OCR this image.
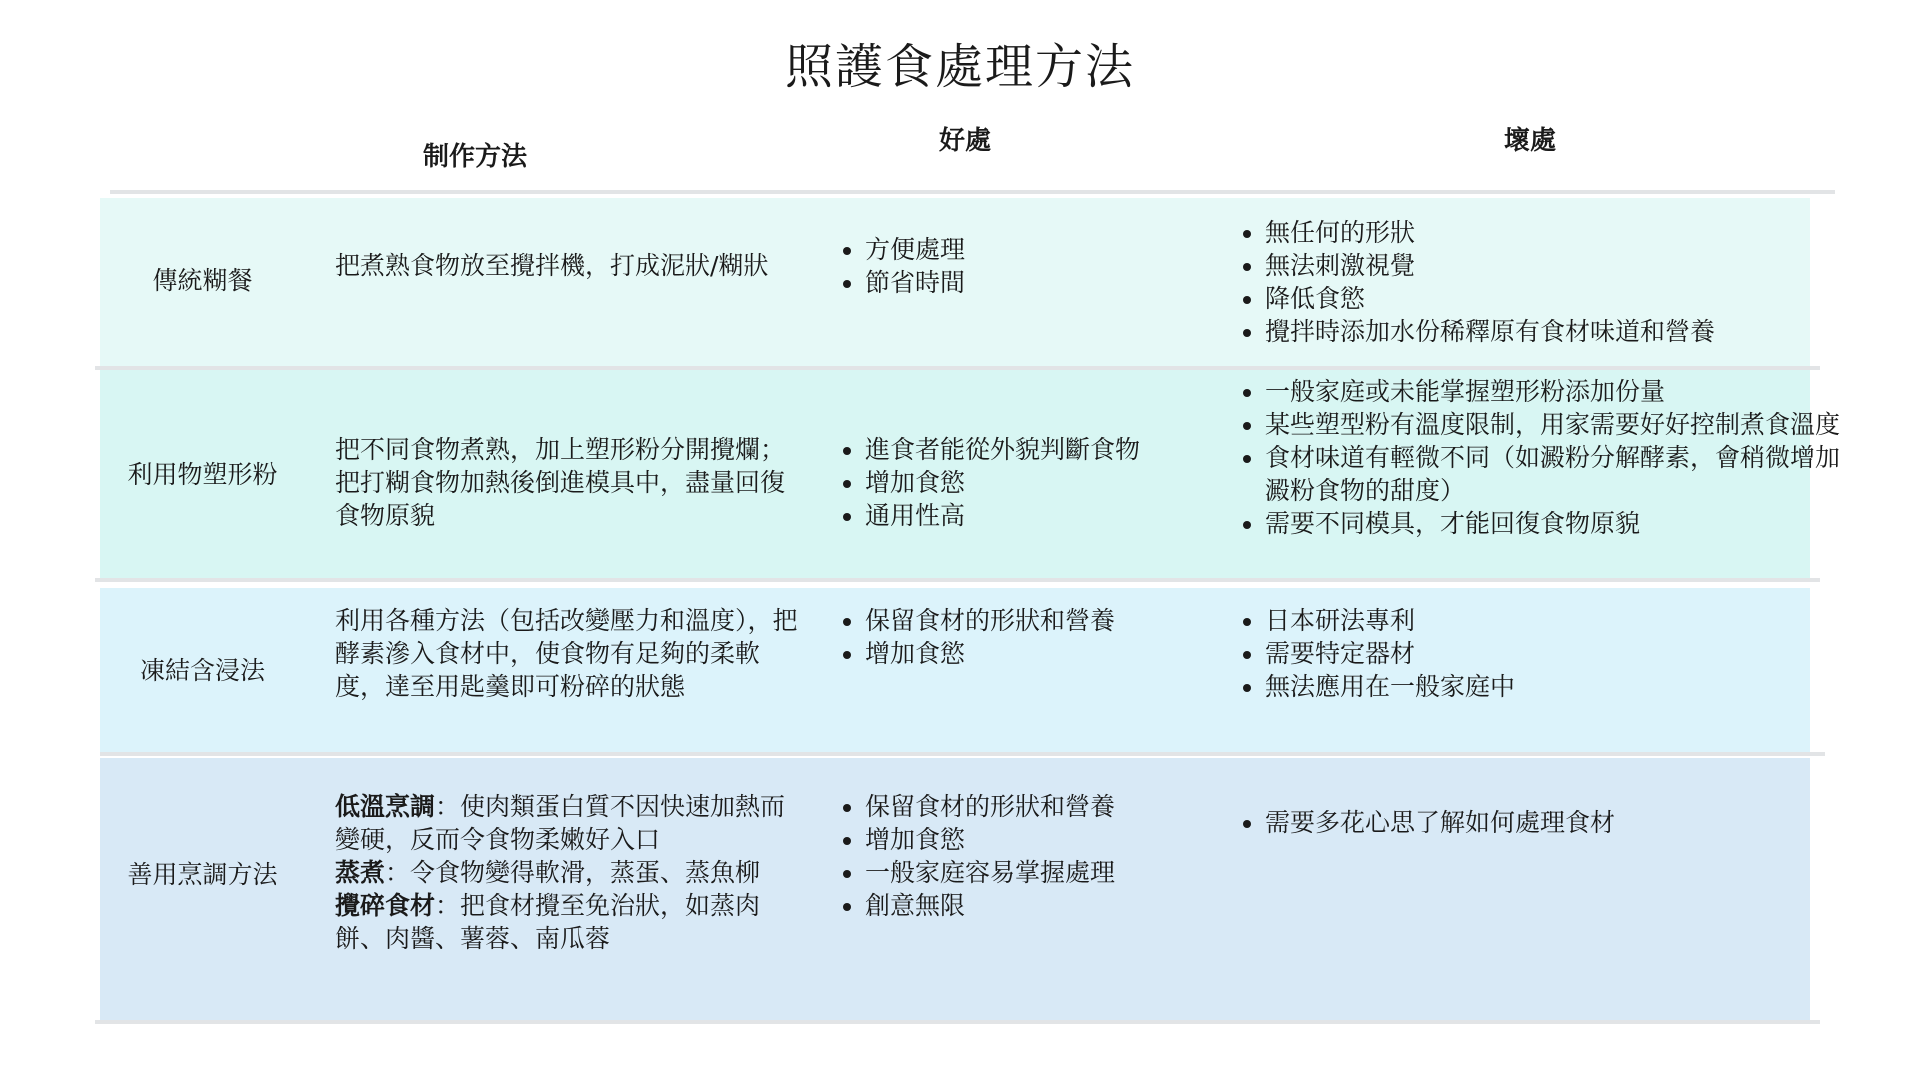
照護食處理方法
制作方法
好處	壞處
傳統糊餐
把煮熟食物放至攪拌機，打成泥狀/糊狀
• 方便處理
• 節省時間
• 無任何的形狀
• 無法刺激視覺
• 降低食慾
• 攪拌時添加水份稀釋原有食材味道和營養
利用物塑形粉
把不同食物煮熟，加上塑形粉分開攪爛；把打糊食物加熱後倒進模具中，盡量回復食物原貌
• 進食者能從外貌判斷食物
• 增加食慾
• 通用性高
• 一般家庭或未能掌握塑形粉添加份量
• 某些塑型粉有溫度限制，用家需要好好控制煮食溫度
• 食材味道有輕微不同（如澱粉分解酵素，會稍微增加澱粉食物的甜度）
• 需要不同模具，才能回復食物原貌
凍結含浸法
利用各種方法（包括改變壓力和溫度），把酵素滲入食材中，使食物有足夠的柔軟度，達至用匙羹即可粉碎的狀態
• 保留食材的形狀和營養
• 增加食慾
• 日本研法專利
• 需要特定器材
• 無法應用在一般家庭中
善用烹調方法
低溫烹調：使肉類蛋白質不因快速加熱而變硬，反而令食物柔嫩好入口
蒸煮：令食物變得軟滑，蒸蛋、蒸魚柳
攪碎食材：把食材攪至免治狀，如蒸肉餅、肉醬、薯蓉、南瓜蓉
• 保留食材的形狀和營養
• 增加食慾
• 一般家庭容易掌握處理
• 創意無限
• 需要多花心思了解如何處理食材
